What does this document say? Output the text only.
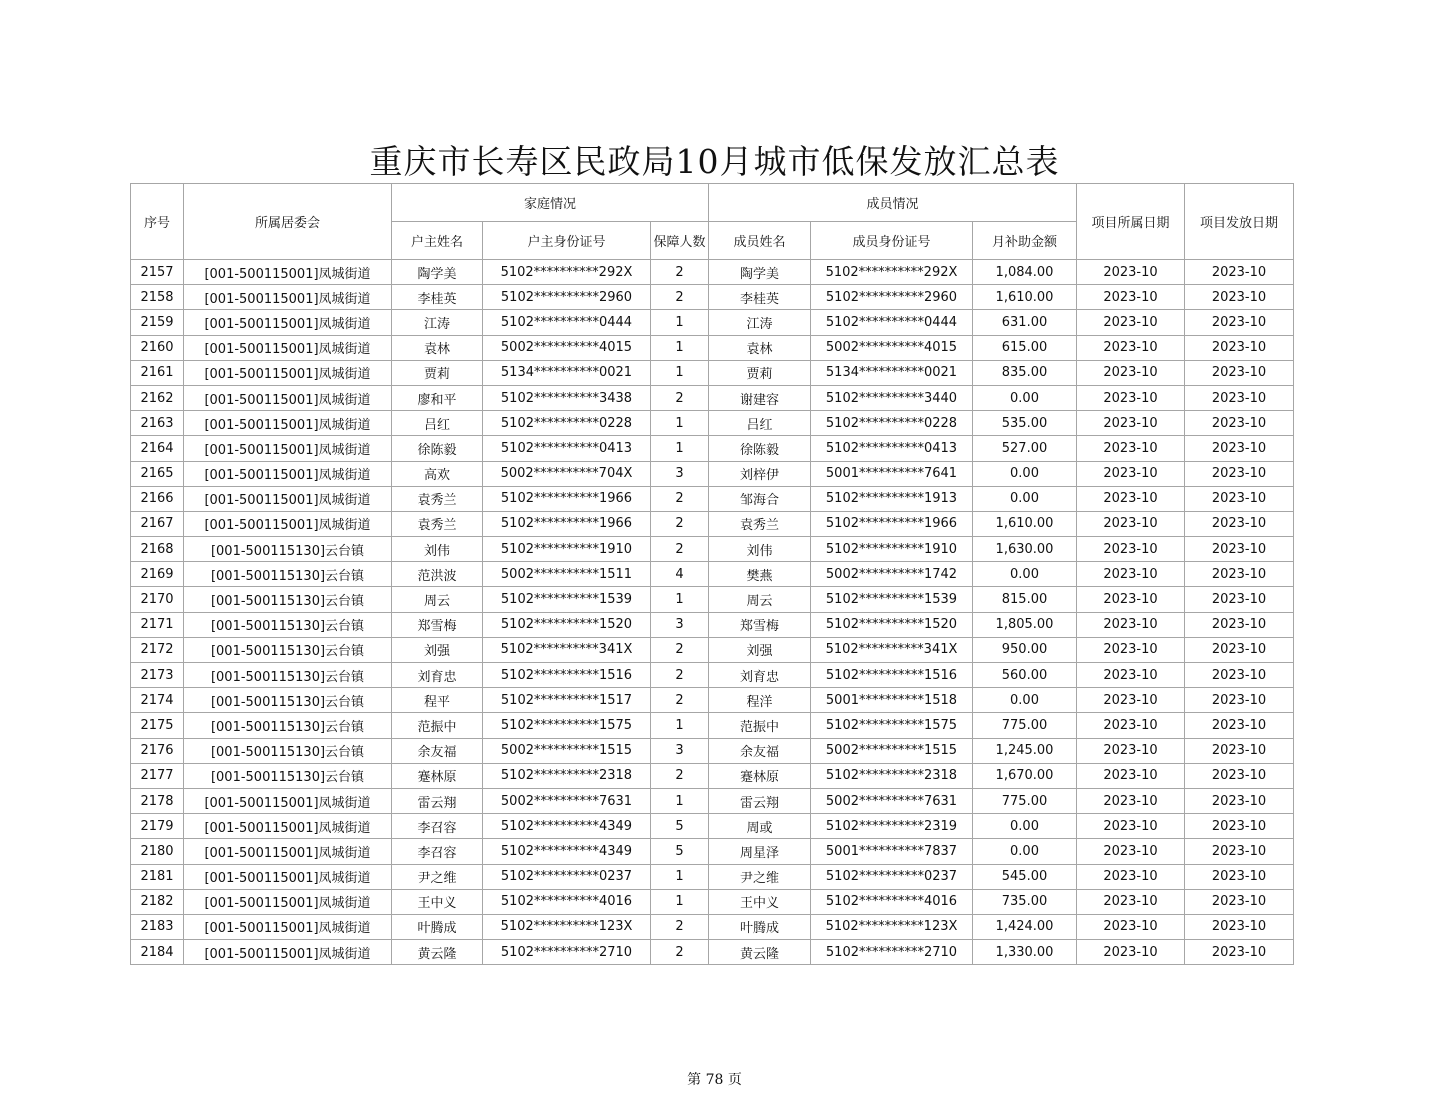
重庆市长寿区民政局10月城市低保发放汇总表
序号	所属居委会	家庭情况			成员情况			项目所属日期	项目发放日期
		户主姓名	户主身份证号	保障人数	成员姓名	成员身份证号	月补助金额		
2157	[001-500115001]凤城街道	陶学美	5102**********292X	2	陶学美	5102**********292X	1,084.00	2023-10	2023-10
2158	[001-500115001]凤城街道	李桂英	5102**********2960	2	李桂英	5102**********2960	1,610.00	2023-10	2023-10
2159	[001-500115001]凤城街道	江涛	5102**********0444	1	江涛	5102**********0444	631.00	2023-10	2023-10
2160	[001-500115001]凤城街道	袁林	5002**********4015	1	袁林	5002**********4015	615.00	2023-10	2023-10
2161	[001-500115001]凤城街道	贾莉	5134**********0021	1	贾莉	5134**********0021	835.00	2023-10	2023-10
2162	[001-500115001]凤城街道	廖和平	5102**********3438	2	谢建容	5102**********3440	0.00	2023-10	2023-10
2163	[001-500115001]凤城街道	吕红	5102**********0228	1	吕红	5102**********0228	535.00	2023-10	2023-10
2164	[001-500115001]凤城街道	徐陈毅	5102**********0413	1	徐陈毅	5102**********0413	527.00	2023-10	2023-10
2165	[001-500115001]凤城街道	高欢	5002**********704X	3	刘梓伊	5001**********7641	0.00	2023-10	2023-10
2166	[001-500115001]凤城街道	袁秀兰	5102**********1966	2	邹海合	5102**********1913	0.00	2023-10	2023-10
2167	[001-500115001]凤城街道	袁秀兰	5102**********1966	2	袁秀兰	5102**********1966	1,610.00	2023-10	2023-10
2168	[001-500115130]云台镇	刘伟	5102**********1910	2	刘伟	5102**********1910	1,630.00	2023-10	2023-10
2169	[001-500115130]云台镇	范洪波	5002**********1511	4	樊燕	5002**********1742	0.00	2023-10	2023-10
2170	[001-500115130]云台镇	周云	5102**********1539	1	周云	5102**********1539	815.00	2023-10	2023-10
2171	[001-500115130]云台镇	郑雪梅	5102**********1520	3	郑雪梅	5102**********1520	1,805.00	2023-10	2023-10
2172	[001-500115130]云台镇	刘强	5102**********341X	2	刘强	5102**********341X	950.00	2023-10	2023-10
2173	[001-500115130]云台镇	刘育忠	5102**********1516	2	刘育忠	5102**********1516	560.00	2023-10	2023-10
2174	[001-500115130]云台镇	程平	5102**********1517	2	程洋	5001**********1518	0.00	2023-10	2023-10
2175	[001-500115130]云台镇	范振中	5102**********1575	1	范振中	5102**********1575	775.00	2023-10	2023-10
2176	[001-500115130]云台镇	余友福	5002**********1515	3	余友福	5002**********1515	1,245.00	2023-10	2023-10
2177	[001-500115130]云台镇	蹇林原	5102**********2318	2	蹇林原	5102**********2318	1,670.00	2023-10	2023-10
2178	[001-500115001]凤城街道	雷云翔	5002**********7631	1	雷云翔	5002**********7631	775.00	2023-10	2023-10
2179	[001-500115001]凤城街道	李召容	5102**********4349	5	周或	5102**********2319	0.00	2023-10	2023-10
2180	[001-500115001]凤城街道	李召容	5102**********4349	5	周星泽	5001**********7837	0.00	2023-10	2023-10
2181	[001-500115001]凤城街道	尹之维	5102**********0237	1	尹之维	5102**********0237	545.00	2023-10	2023-10
2182	[001-500115001]凤城街道	王中义	5102**********4016	1	王中义	5102**********4016	735.00	2023-10	2023-10
2183	[001-500115001]凤城街道	叶腾成	5102**********123X	2	叶腾成	5102**********123X	1,424.00	2023-10	2023-10
2184	[001-500115001]凤城街道	黄云隆	5102**********2710	2	黄云隆	5102**********2710	1,330.00	2023-10	2023-10
第 78 页
